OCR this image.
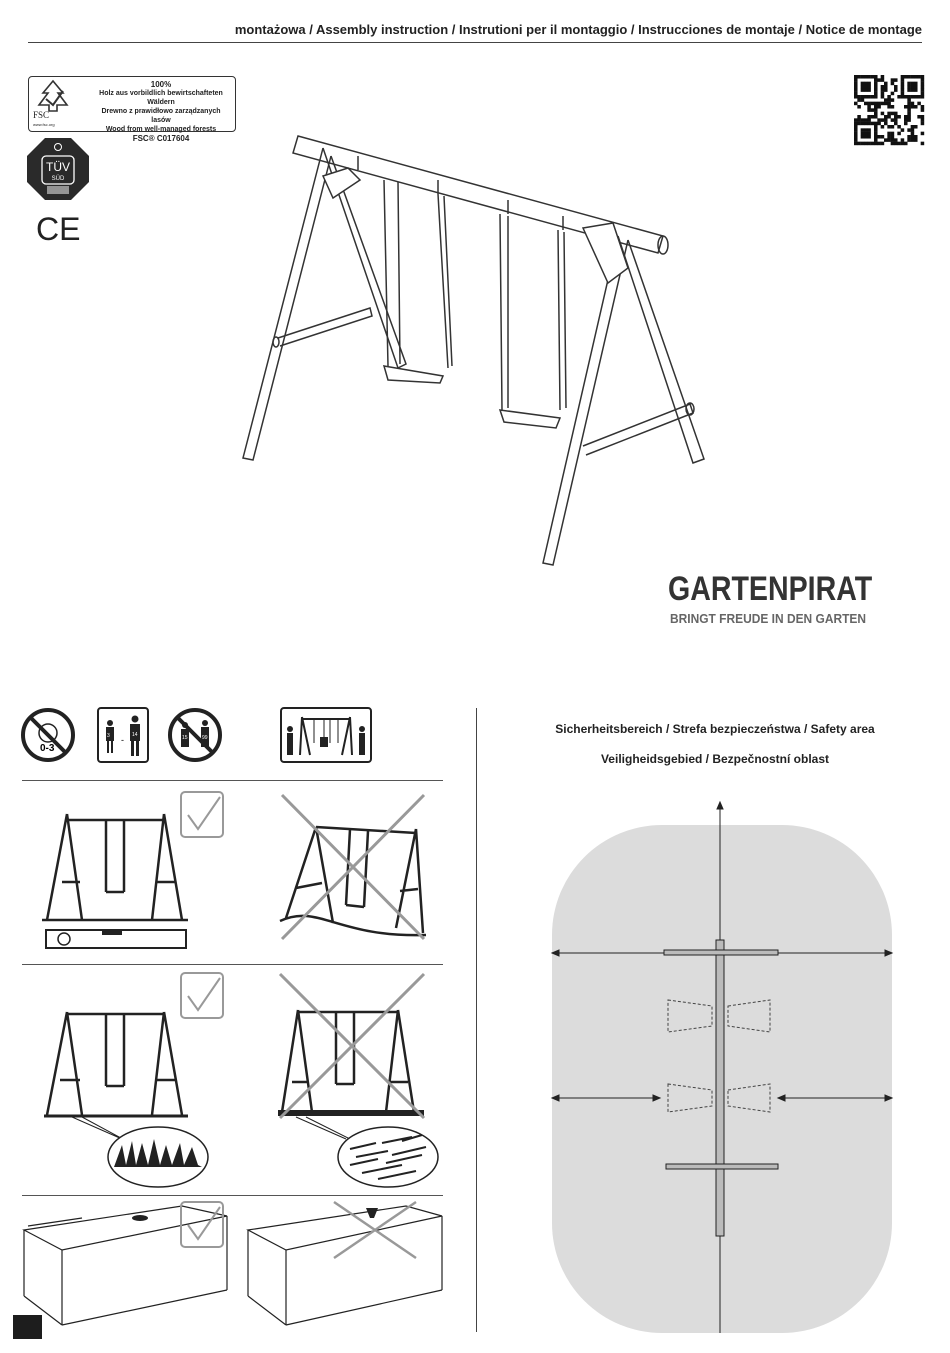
montażowa / Assembly instruction / Instrutioni per il montaggio / Instrucciones de montaje / Notice de montage
FSC
www.fsc.org
100%
Holz aus vorbildlich bewirtschafteten Wäldern
Drewno z prawidłowo zarządzanych lasów
Wood from well-managed forests
FSC® C017604
TÜV
SÜD
CE
GARTENPIRAT
BRINGT FREUDE IN DEN GARTEN
0-3
-
3	14	15	99
Sicherheitsbereich / Strefa bezpieczeństwa / Safety area
Veiligheidsgebied / Bezpečnostní oblast
